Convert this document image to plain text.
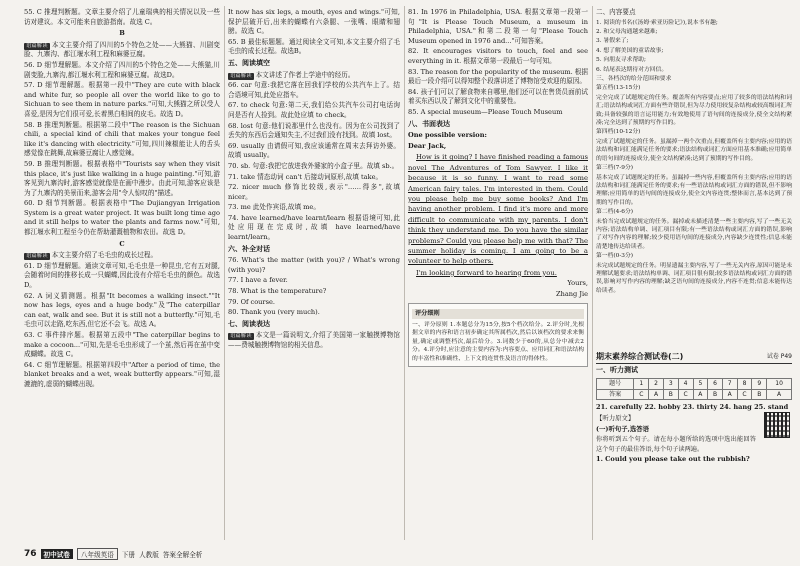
55. C 推理判断题。文章主要介绍了儿童瑞典的相关情况以及一些访对建议。本文可能来自旅游指南。故选 C。

B

语篇解读 本文主要介绍了四川的5个特色之处——大熊猫、川剧变脸、九寨沟、都江堰水利工程和麻婆豆腐。

56. D 细节理解题。本文介绍了四川的5个特色之处——大熊猫,川剧变脸,九寨沟,都江堰水利工程和麻婆豆腐。故选D。

57. D 细节理解题。根据第一段中"They are cute with black and white fur, so people all over the world like to go to Sichuan to see them in nature parks."可知,大熊猫之所以受人喜爱,是因为它们很可爱,长着黑白相间的皮毛。故选 D。

58. B 推理判断题。根据第二段中"The reason is the Sichuan chili, a special kind of chili that makes your tongue feel like it's dancing with electricity."可知,四川辣椒能让人的舌头感觉像在跳舞,故麻婆豆腐让人感觉辣。

59. B 推理判断题。根据表格中"Tourists say when they visit this place, it's just like walking in a huge painting."可知,游客见到九寨沟时,游客感觉就像是在画中漫步。由此可知,游客应该是为了九寨沟的美景而来,游客会用"令人惊叹的"描述。

60. D 细节判断题。根据表格中"The Dujiangyan Irrigation System is a great water project. It was built long time ago and it still helps to water the plants and farms now."可知,都江堰水利工程至今仍在帮助灌溉植物和农田。故选 D。

C

语篇解读 本文主要介绍了毛毛虫的成长过程。

61. D 细节理解题。通读文章可知,毛毛虫是一种昆虫,它有五对腿,会随着时间的推移长成一只蝴蝶,因此没有介绍毛毛虫的颜色。故选 D。

62. A 词义猜测题。根据"It becomes a walking insect.""It now has legs, eyes and a huge body."及"The caterpillar can eat, walk and see. But it is still not a butterfly."可知,毛毛虫可以走路,吃东西,但它还不会飞。故选 A。

63. C 事件排序题。根据第五段中"The caterpillar begins to make a cocoon..."可知,先是毛毛虫形成了一个茧,然后再在茧中变成蝴蝶。故选 C。

64. C 细节理解题。根据第四段中"After a period of time, the blanket breaks and a wet, weak butterfly appears."可知,湿漉漉的,虚弱的蝴蝶出现。

It now has six legs, a mouth, eyes and wings."可知,保护层破开后,出来的蝴蝶有六条腿、一张嘴、眼睛和翅膀。故选 C。

65. B 最佳标题题。通过阅读全文可知,本文主要介绍了毛毛虫的成长过程。故选B。

五、阅读填空

语篇解读 本文讲述了作者上学途中的经历。

66. car 句意:我把它落在回我们学校的公共汽车上了。结合语境可知,此处应指车。

67. to check 句意:第二天,我们给公共汽车公司打电话询问是否有人捡到。故此处应填 to check。

68. lost 句意:他们说那里什么也没有。因为在公司找到了丢失的东西后会通知失主,不过我们没有找到。故填 lost。

69. usually 由请假可知,我应该通常在周末去拜访外婆。故填 usually。

70. sb. 句意:我把它放进我外婆家的小盒子里。故填 sb.。

71. take 情态动词 can't 后接动词原形,故填 take。

72. nicer much 修饰比较级,表示"……得多",故填 nicer。

73. me 此处作宾语,故填 me。

74. have learned/have learnt/learn 根据语境可知,此处应用现在完成时,故填 have learned/have learnt/learn。

六、补全对话

76. What's the matter (with you)? / What's wrong (with you)?

77. I have a fever.

78. What is the temperature?

79. Of course.

80. Thank you (very much).

七、阅读表达

语篇解读 本文是一篇说明文,介绍了美国第一家触摸博物馆——费城触摸博物馆的相关信息。

81. In 1976 in Philadelphia, USA. 根据文章第一段第一句"It is Please Touch Museum, a museum in Philadelphia, USA."和第二段第一句"Please Touch Museum opened in 1976 and..."可知答案。

82. It encourages visitors to touch, feel and see everything in it. 根据文章第一段最后一句可知。

83. The reason for the popularity of the museum. 根据最后一段介绍可以得知整个段落讲述了博物馆受欢迎的原因。

84. 孩子们可以了解食物来自哪里,他们还可以在售货员面前试着买东西以及了解到文化中的重要性。

85. A special museum—Please Touch Museum

八、书面表达

One possible version:

Dear Jack,

How is it going? I have finished reading a famous novel The Adventures of Tom Sawyer. I like it because it is so funny. I want to read some American fairy tales. I'm interested in them. Could you please help me buy some books? And I'm having another problem. I find it's more and more difficult to communicate with my parents. I don't think they understand me. Do you have the similar problems? Could you please help me with that? The summer holiday is coming. I am going to be a volunteer to help others.

I'm looking forward to hearing from you.

Yours,

Zhang Jie

评分细则

一、评分原则 1.本题总分为15分,按5个档次给分。2.评分时,先根据文章的内容和语言初步确定其所属档次,然后以该档次的要求来衡量,确定或调整档次,最后给分。3.词数少于60的,从总分中减去2分。4.评分时,应注意的主要内容为:内容要点、应用词汇和语法结构的丰富性和准确性、上下文的连贯性及语言的得体性。

二、内容要点

1. 阅读的书名(《汤姆·索亚历险记》),说本书有趣;

2. 和父母沟通越来越难;

3. 暑假来了;

4. 想了解美国的童话故事;

5. 向朋友寻求帮助;

6. 结尾表达期待对方回信。

三、各档次的给分范围和要求

第五档(13-15分)

完全完成了试题规定的任务。覆盖所有内容要点;应用了较多的语法结构和词汇;语法结构或词汇方面有些许错误,但为尽力使用较复杂结构或较高级词汇所致;具备较强的语言运用能力;有效地使用了语句间的连接成分,使全文结构紧凑;完全达到了预期的写作目的。

第四档(10-12分)

完成了试题规定的任务。虽漏掉一两个次重点,但覆盖所有主要内容;应用的语法结构和词汇能满足任务的要求;语法结构或词汇方面应用基本准确;应用简单的语句间的连接成分,使全文结构紧凑;达到了预期的写作目的。

第三档(7-9分)

基本完成了试题规定的任务。虽漏掉一些内容,但覆盖所有主要内容;应用的语法结构和词汇能满足任务的要求;有一些语法结构或词汇方面的错误,但不影响理解;应用简单的语句间的连接成分,使全文内容连贯;整体而言,基本达到了预期的写作目的。

第二档(4-6分)

未恰当完成试题规定的任务。漏掉或未描述清楚一些主要内容,写了一些无关内容;语法结构单调、词汇项目有限;有一些语法结构或词汇方面的错误,影响了对写作内容的理解;较少使用语句间的连接成分,内容缺少连贯性;信息未能清楚地传达给读者。

第一档(0-3分)

未完成试题规定的任务。明显遗漏主要内容,写了一些无关内容,原因可能是未理解试题要求;语法结构单调、词汇项目很有限;较多语法结构或词汇方面的错误,影响对写作内容的理解;缺乏语句间的连接成分,内容不连贯;信息未能传达给读者。

期末素养综合测试卷(二)	试卷 P49
一、听力测试
题号	1	2	3	4	5	6	7	8	9	10
答案	C	A	B	C	A	B	A	C	B	A

21. carefully 22. hobby 23. thirty 24. hang 25. stand

【听力原文】

(一)听句子,选答语

你将听到五个句子。请在每小题所给的选项中选出能回答这个句子的最佳答语,每个句子读两遍。

1. Could you please take out the rubbish?

76	初中试卷	八年级英语	下册 人教版 答案全解全析
